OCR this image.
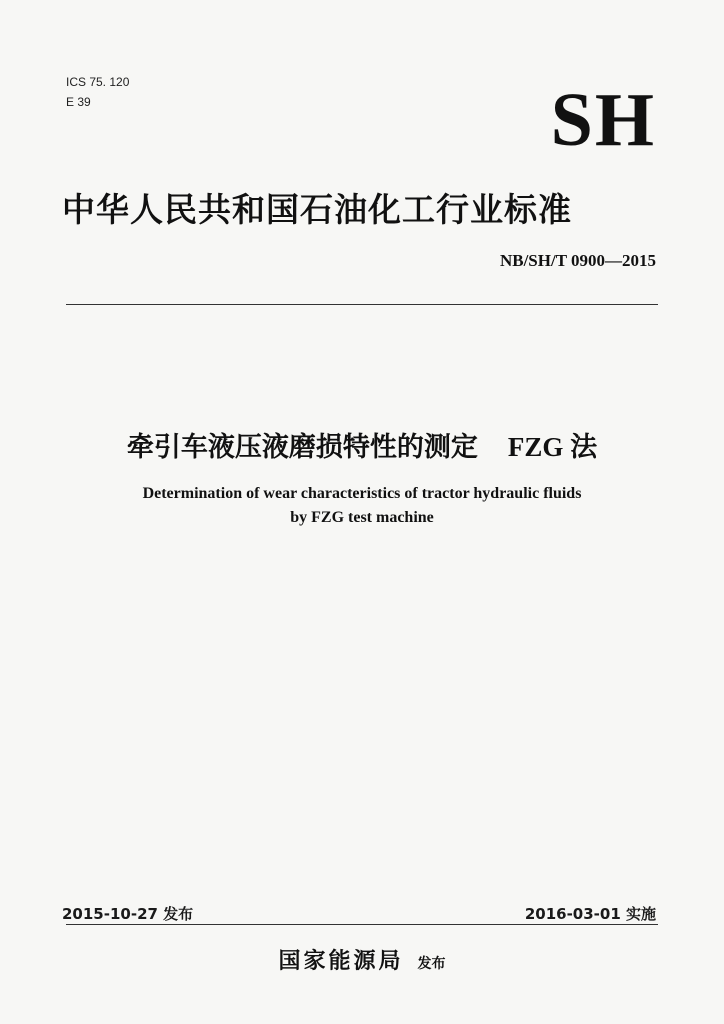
ICS 75. 120
E 39	SH
中华人民共和国石油化工行业标准
NB/SH/T 0900—2015
牵引车液压液磨损特性的测定 FZG 法
Determination of wear characteristics of tractor hydraulic fluids
by FZG test machine
2015-10-27 发布	2016-03-01 实施
国家能源局 发布
